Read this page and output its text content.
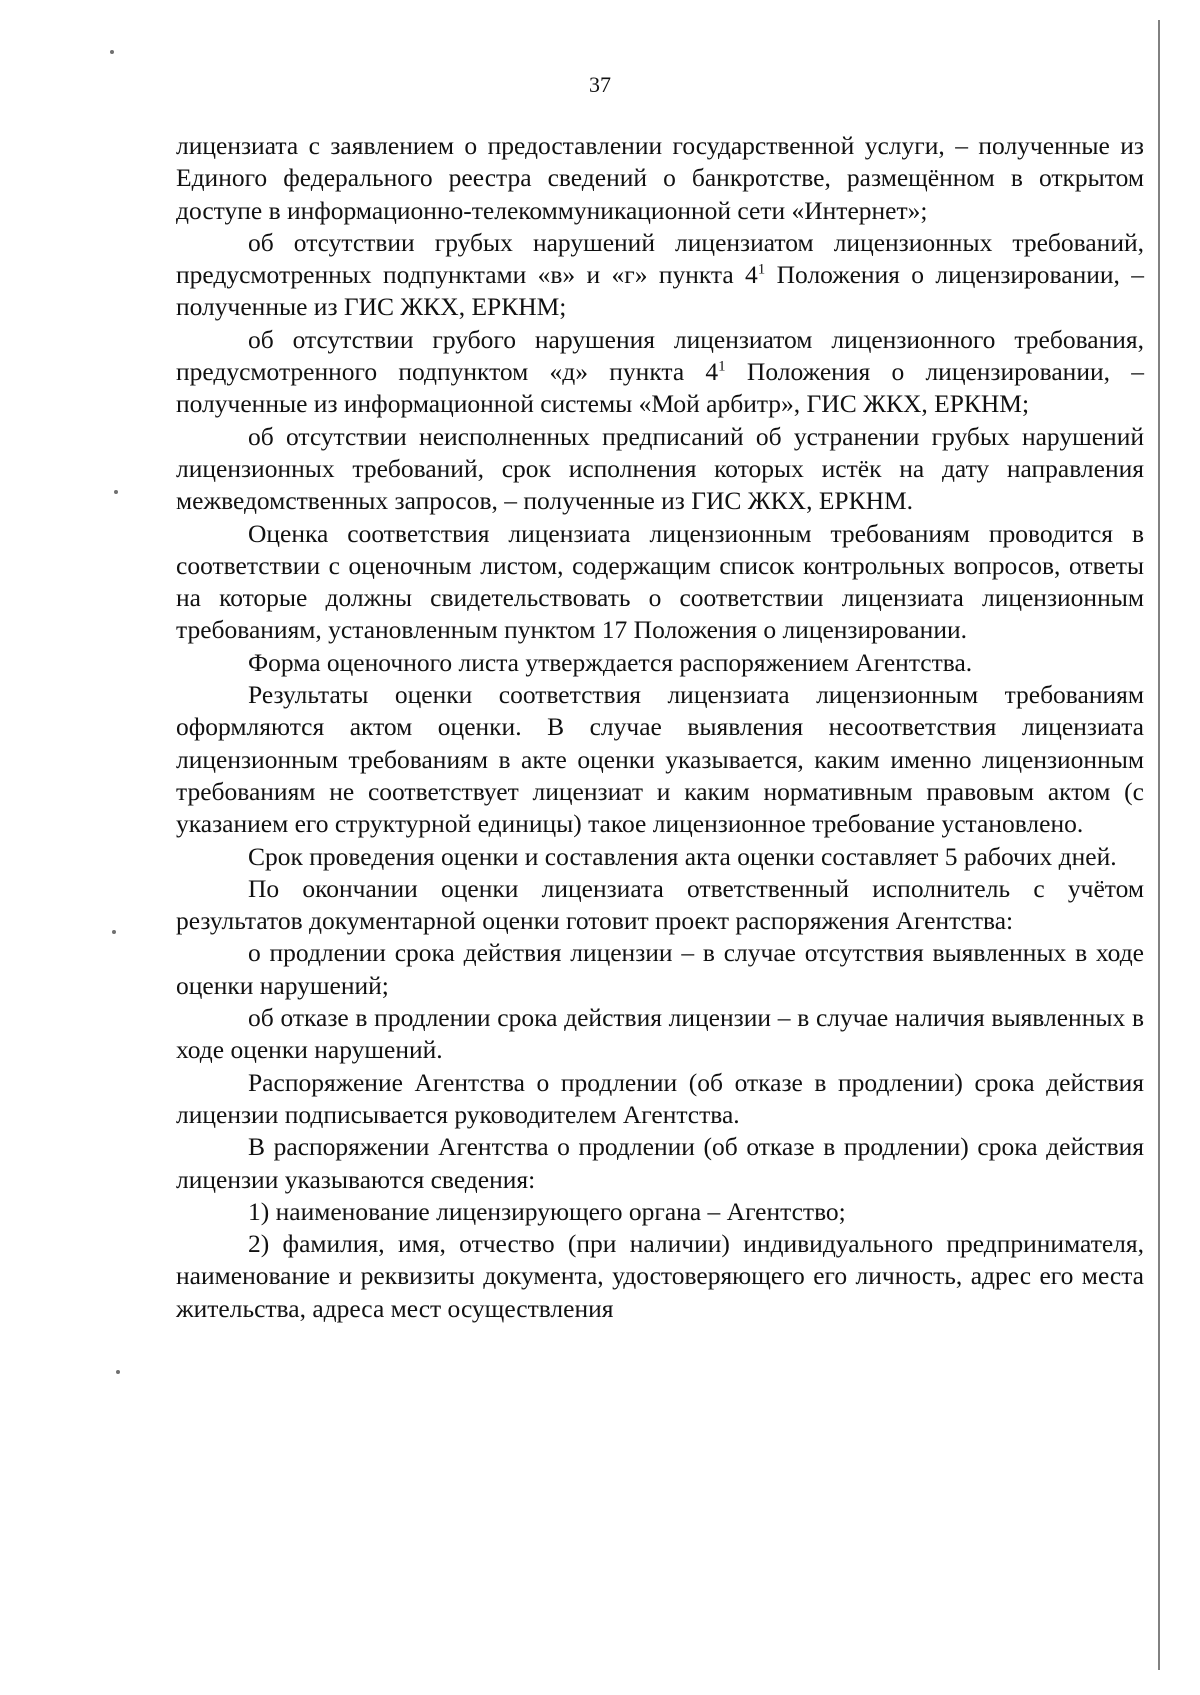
37

лицензиата с заявлением о предоставлении государственной услуги, – полученные из Единого федерального реестра сведений о банкротстве, размещённом в открытом доступе в информационно-телекоммуникационной сети «Интернет»;

об отсутствии грубых нарушений лицензиатом лицензионных требований, предусмотренных подпунктами «в» и «г» пункта $4^1$ Положения о лицензировании, – полученные из ГИС ЖКХ, ЕРКНМ;

об отсутствии грубого нарушения лицензиатом лицензионного требования, предусмотренного подпунктом «д» пункта $4^1$ Положения о лицензировании, – полученные из информационной системы «Мой арбитр», ГИС ЖКХ, ЕРКНМ;

об отсутствии неисполненных предписаний об устранении грубых нарушений лицензионных требований, срок исполнения которых истёк на дату направления межведомственных запросов, – полученные из ГИС ЖКХ, ЕРКНМ.

Оценка соответствия лицензиата лицензионным требованиям проводится в соответствии с оценочным листом, содержащим список контрольных вопросов, ответы на которые должны свидетельствовать о соответствии лицензиата лицензионным требованиям, установленным пунктом 17 Положения о лицензировании.

Форма оценочного листа утверждается распоряжением Агентства.

Результаты оценки соответствия лицензиата лицензионным требованиям оформляются актом оценки. В случае выявления несоответствия лицензиата лицензионным требованиям в акте оценки указывается, каким именно лицензионным требованиям не соответствует лицензиат и каким нормативным правовым актом (с указанием его структурной единицы) такое лицензионное требование установлено.

Срок проведения оценки и составления акта оценки составляет 5 рабочих дней.

По окончании оценки лицензиата ответственный исполнитель с учётом результатов документарной оценки готовит проект распоряжения Агентства:

о продлении срока действия лицензии – в случае отсутствия выявленных в ходе оценки нарушений;

об отказе в продлении срока действия лицензии – в случае наличия выявленных в ходе оценки нарушений.

Распоряжение Агентства о продлении (об отказе в продлении) срока действия лицензии подписывается руководителем Агентства.

В распоряжении Агентства о продлении (об отказе в продлении) срока действия лицензии указываются сведения:

1) наименование лицензирующего органа – Агентство;

2) фамилия, имя, отчество (при наличии) индивидуального предпринимателя, наименование и реквизиты документа, удостоверяющего его личность, адрес его места жительства, адреса мест осуществления
